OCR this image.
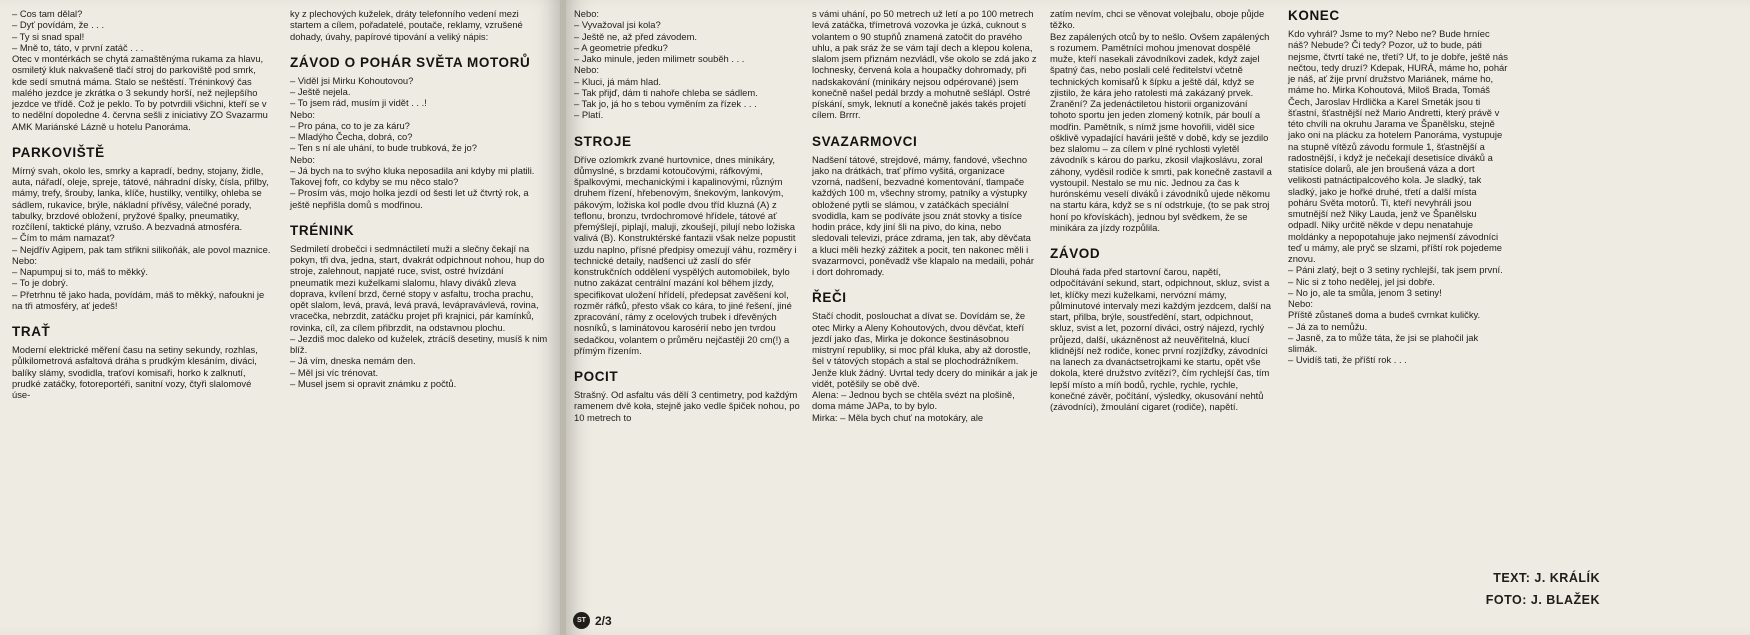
– Cos tam dělal?
– Dyť povídám, že . . .
– Ty si snad spal!
– Mně to, táto, v první zatáč . . .
Otec v montérkách se chytá zamaštěnýma rukama za hlavu, osmiletý kluk nakvašeně tlačí stroj do parkoviště pod smrk, kde sedí smutná máma. Stalo se neštěstí. Tréninkový čas malého jezdce je zkrátka o 3 sekundy horší, než nejlepšího jezdce ve třídě. Což je peklo. To by potvrdili všichni, kteří se v to nedělní dopoledne 4. června sešli z iniciativy ZO Svazarmu AMK Mariánské Lázně u hotelu Panoráma.

PARKOVIŠTĚ

Mírný svah, okolo les, smrky a kapradí, bedny, stojany, židle, auta, nářadí, oleje, spreje, tátové, náhradní dísky, čísla, přilby, mámy, trefy, šrouby, lanka, klíče, hustilky, ventilky, ohleba se sádlem, rukavice, brýle, nákladní přívěsy, válečné porady, tabulky, brzdové obložení, pryžové špalky, pneumatiky, rozčílení, taktické plány, vzrušo. A bezvadná atmosféra.
– Čím to mám namazat?
– Nejdřív Agipem, pak tam střikni silikoňák, ale povol maznice.
Nebo:
– Napumpuj si to, máš to měkký.
– To je dobrý.
– Přetrhnu tě jako hada, povídám, máš to měkký, nafoukni je na tři atmosféry, ať jedeš!

TRAŤ

Moderní elektrické měření času na setiny sekundy, rozhlas, půlkilometrová asfaltová dráha s prudkým klesáním, diváci, balíky slámy, svodidla, traťoví komisaři, horko k zalknutí, prudké zatáčky, fotoreportéři, sanitní vozy, čtyři slalomové úse-

ky z plechových kuželek, dráty telefonního vedení mezi startem a cílem, pořadatelé, poutače, reklamy, vzrušené dohady, úvahy, papírové tipování a veliký nápis:

ZÁVOD O POHÁR SVĚTA MOTORŮ

– Viděl jsi Mirku Kohoutovou?
– Ještě nejela.
– To jsem rád, musím ji vidět . . .!
Nebo:
– Pro pána, co to je za káru?
– Mladýho Čecha, dobrá, co?
– Ten s ní ale uhání, to bude trubková, že jo?
Nebo:
– Já bych na to svýho kluka neposadila ani kdyby mi platili. Takovej fofr, co kdyby se mu něco stalo?
– Prosím vás, mojo holka jezdí od šesti let už čtvrtý rok, a ještě nepřišla domů s modřinou.

TRÉNINK

Sedmiletí drobečci i sedmnáctiletí muži a slečny čekají na pokyn, tři dva, jedna, start, dvakrát odpichnout nohou, hup do stroje, zalehnout, napjaté ruce, svist, ostré hvízdání pneumatik mezi kuželkami slalomu, hlavy diváků zleva doprava, kvílení brzd, černé stopy v asfaltu, trocha prachu, opět slalom, levá, pravá, levá pravá, levápravávlevá, rovina, vracečka, nebrzdit, zatáčku projet při krajnici, pár kamínků, rovinka, cíl, za cílem přibrzdit, na odstavnou plochu.
– Jezdiš moc daleko od kuželek, ztrácíš desetiny, musíš k nim blíž.
– Já vím, dneska nemám den.
– Měl jsi víc trénovat.
– Musel jsem si opravit známku z počtů.

Nebo:
– Vyvažoval jsi kola?
– Ještě ne, až před závodem.
– A geometrie předku?
– Jako minule, jeden milimetr souběh . . .
Nebo:
– Kluci, já mám hlad.
– Tak přijď, dám ti nahoře chleba se sádlem.
– Tak jo, já ho s tebou vyměním za řízek . . .
– Platí.

STROJE

Dříve ozlomkrk zvané hurtovnice, dnes minikáry, důmyslné, s brzdami kotoučovými, ráfkovými, špalkovými, mechanickými i kapalinovými, různým druhem řízení, hřebenovým, šnekovým, lankovým, pákovým, ložiska kol podle dvou tříd kluzná (A) z teflonu, bronzu, tvrdochromové hřídele, tátové ať přemýšlejí, piplají, maluji, zkoušejí, pilují nebo ložiska valivá (B). Konstruktérské fantazii však nelze popustit uzdu naplno, přísné předpisy omezují váhu, rozměry i technické detaily, nadšenci už zaslí do sfér konstrukčních oddělení vyspělých automobilek, bylo nutno zakázat centrální mazání kol během jízdy, specifikovat uložení hřídelí, předepsat zavěšení kol, rozměr ráfků, přesto však co kára, to jiné řešení, jiné zpracování, rámy z ocelových trubek i dřevěných nosníků, s laminátovou karosérií nebo jen tvrdou sedačkou, volantem o průměru nejčastěji 20 cm(!) a přímým řízením.

POCIT

Strašný. Od asfaltu vás dělí 3 centimetry, pod každým ramenem dvě koła, stejně jako vedle špiček nohou, po 10 metrech to

s vámi uhání, po 50 metrech už letí a po 100 metrech levá zatáčka, třímetrová vozovka je úzká, cuknout s volantem o 90 stupňů znamená zatočit do pravého uhlu, a pak sráz že se vám tají dech a klepou kolena, slalom jsem přiznám nezvládl, vše okolo se zdá jako z lochnesky, červená kola a houpačky dohromady, při nadskakování (minikáry nejsou odpérované) jsem konečně našel pedál brzdy a mohutně sešlápl. Ostré pískání, smyk, leknutí a konečně jakés takés projetí cílem. Brrrr.

SVAZARMOVCI

Nadšení tátové, strejdové, mámy, fandové, všechno jako na drátkách, trať přímo vyšitá, organizace vzorná, nadšení, bezvadné komentování, tlampače každých 100 m, všechny stromy, patníky a výstupky obložené pytli se slámou, v zatáčkách speciální svodidla, kam se podíváte jsou znát stovky a tisíce hodin práce, kdy jiní šli na pivo, do kina, nebo sledovali televizi, práce zdrama, jen tak, aby děvčata a kluci měli hezký zážitek a pocit, ten nakonec měli i svazarmovci, poněvadž vše klapalo na medaili, pohár i dort dohromady.

ŘEČI

Stačí chodit, poslouchat a dívat se. Dovídám se, že otec Mirky a Aleny Kohoutových, dvou děvčat, kteří jezdí jako ďas, Mirka je dokonce šestinásobnou mistryní republiky, si moc přál kluka, aby až dorostle, šel v tátových stopách a stal se plochodrážníkem. Jenže kluk žádný. Uvrtal tedy dcery do minikár a jak je vidět, potěšily se obě dvě.
Alena: – Jednou bych se chtěla svézt na plošině, doma máme JAPa, to by bylo.
Mirka: – Měla bych chuť na motokáry, ale

zatím nevím, chci se věnovat volejbalu, oboje půjde těžko.
Bez zapálených otců by to nešlo. Ovšem zapálených s rozumem. Pamětníci mohou jmenovat dospělé muže, kteří nasekali závodníkovi zadek, když zajel špatný čas, nebo poslali celé ředitelství včetně technických komisařů k šípku a ještě dál, když se zjistilo, že kára jeho ratolesti má zakázaný prvek.
Zranění? Za jedenáctiletou historii organizování tohoto sportu jen jeden zlomený kotník, pár boulí a modřin. Pamětník, s nímž jsme hovořili, viděl sice ošklivě vypadající havárii ještě v době, kdy se jezdilo bez slalomu – za cílem v plné rychlosti vyletěl závodník s károu do parku, zkosil vlajkoslávu, zoral záhony, vyděsil rodiče k smrti, pak konečně zastavil a vystoupil. Nestalo se mu nic. Jednou za čas k hurónskému veselí diváků i závodníků ujede někomu na startu kára, když se s ní odstrkuje, (to se pak stroj honí po křovískách), jednou byl svědkem, že se minikára za jízdy rozpůlila.

ZÁVOD

Dlouhá řada před startovní čarou, napětí, odpočítávání sekund, start, odpichnout, skluz, svist a let, klíčky mezi kuželkami, nervózní mámy, půlminutové intervaly mezi každým jezdcem, další na start, přilba, brýle, soustředění, start, odpichnout, skluz, svist a let, pozorní diváci, ostrý nájezd, rychlý průjezd, další, ukázněnost až neuvěřitelná, klucí klidnější než rodiče, konec první rozjížďky, závodníci na lanech za dvanáctsetrojkami ke startu, opět vše dokola, které družstvo zvítězí?, čím rychlejší čas, tím lepší místo a míň bodů, rychle, rychle, rychle, konečné závěr, počítání, výsledky, okusování nehtů (závodníci), žmoulání cigaret (rodiče), napětí.

KONEC

Kdo vyhrál? Jsme to my? Nebo ne? Bude hrníec náš? Nebude? Či tedy? Pozor, už to bude, páti nejsme, čtvrtí také ne, třetí? Uf, to je dobře, ještě nás nečtou, tedy druzí? Kdepak, HURÁ, máme ho, pohár je náš, ať žije první družstvo Mariánek, máme ho, máme ho. Mirka Kohoutová, Miloš Brada, Tomáš Čech, Jaroslav Hrdlička a Karel Smeták jsou ti šťastní, šťastnější než Mario Andretti, který právě v této chvíli na okruhu Jarama ve Španělsku, stejně jako oni na plácku za hotelem Panoráma, vystupuje na stupně vítězů závodu formule 1, šťastnější a radostnější, i když je nečekají desetisíce diváků a statisíce dolarů, ale jen broušená váza a dort velikosti patnáctipalcového kola. Je sladký, tak sladký, jako je hořké druhé, třetí a další místa poháru Světa motorů. Ti, kteří nevyhráli jsou smutnější než Niky Lauda, jenž ve Španělsku odpadl. Niky určitě někde v depu nenatahuje moldánky a nepopotahuje jako nejmenší závodníci teď u mámy, ale pryč se slzami, příští rok pojedeme znovu.
– Páni zlatý, bejt o 3 setiny rychlejší, tak jsem první.
– Nic si z toho nedělej, jel jsi dobře.
– No jo, ale ta smůla, jenom 3 setiny!
Nebo:
Příště zůstaneš doma a budeš cvrnkat kuličky.
– Já za to nemůžu.
– Jasně, za to může táta, že jsi se plahočil jak slimák.
– Uvidíš tati, že příští rok . . .

TEXT: J. KRÁLÍK
FOTO: J. BLAŽEK
ST 2/3
